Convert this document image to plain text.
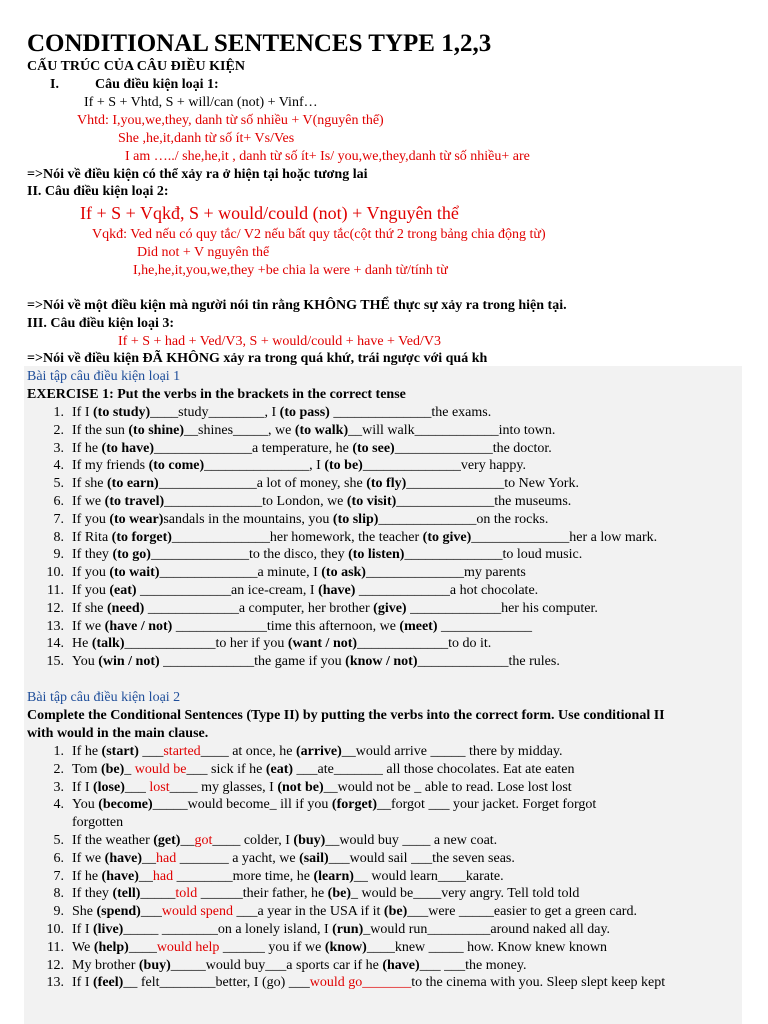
CONDITIONAL SENTENCES TYPE 1,2,3
CẤU TRÚC CỦA CÂU ĐIỀU KIỆN
I.	Câu điều kiện loại 1:
If + S + Vhtd, S + will/can (not) + Vinf…
Vhtd: I,you,we,they, danh từ số nhiều + V(nguyên thể)
She ,he,it,danh từ số ít+ Vs/Ves
I am …../ she,he,it , danh từ số ít+ Is/ you,we,they,danh từ số nhiều+ are
=>Nói về điều kiện có thể xảy ra ở hiện tại hoặc tương lai
II. Câu điều kiện loại 2:
If + S + Vqkđ, S + would/could (not) + Vnguyên thể
Vqkđ: Ved nếu có quy tắc/ V2 nếu bất quy tắc(cột thứ 2 trong bảng chia động từ)
Did not + V nguyên thể
I,he,he,it,you,we,they +be chia la were + danh từ/tính từ
=>Nói về một điều kiện mà người nói tin rằng KHÔNG THỂ thực sự xảy ra trong hiện tại.
III. Câu điều kiện loại 3:
If + S + had + Ved/V3, S + would/could + have + Ved/V3
=>Nói về điều kiện ĐÃ KHÔNG xảy ra trong quá khứ, trái ngược với quá kh
Bài tập câu điều kiện loại 1
EXERCISE 1: Put the verbs in the brackets in the correct tense
1. If I (to study)____study________, I (to pass) ______________the exams.
2. If the sun (to shine)__shines_____, we (to walk)__will walk____________into town.
3. If he (to have)______________a temperature, he (to see)______________the doctor.
4. If my friends (to come)_______________, I (to be)______________very happy.
5. If she (to earn)______________a lot of money, she (to fly)______________to New York.
6. If we (to travel)______________to London, we (to visit)______________the museums.
7. If you (to wear)sandals in the mountains, you (to slip)______________on the rocks.
8. If Rita (to forget)______________her homework, the teacher (to give)______________her a low mark.
9. If they (to go)______________to the disco, they (to listen)______________to loud music.
10. If you (to wait)______________a minute, I (to ask)______________my parents
11. If you (eat) _____________an ice-cream, I (have) _____________a hot chocolate.
12. If she (need) _____________a computer, her brother (give) _____________her his computer.
13. If we (have / not) _____________time this afternoon, we (meet) _____________
14. He (talk)_____________to her if you (want / not)_____________to do it.
15. You (win / not) _____________the game if you (know / not)_____________the rules.
Bài tập câu điều kiện loại 2
Complete the Conditional Sentences (Type II) by putting the verbs into the correct form. Use conditional II
with would in the main clause.
1. If he (start) ___started____ at once, he (arrive)__would arrive _____ there by midday.
2. Tom (be)_ would be___ sick if he (eat) ___ate_______ all those chocolates. Eat ate eaten
3. If I (lose)___ lost____ my glasses, I (not be)__would not be _ able to read. Lose lost lost
4. You (become)_____would become_ ill if you (forget)__forgot ___ your jacket. Forget forgot
forgotten
5. If the weather (get)__got____ colder, I (buy)__would buy ____ a new coat.
6. If we (have)__had _______ a yacht, we (sail)___would sail ___the seven seas.
7. If he (have)__had ________more time, he (learn)__ would learn____karate.
8. If they (tell)_____told ______their father, he (be)_ would be____very angry. Tell told told
9. She (spend)___would spend ___a year in the USA if it (be)___were _____easier to get a green card.
10. If I (live)_____ ________on a lonely island, I (run)_would run_________around naked all day.
11. We (help)____would help ______ you if we (know)____knew _____ how. Know knew known
12. My brother (buy)_____would buy___a sports car if he (have)___ ___the money.
13. If I (feel)__ felt________better, I (go) ___would go_______to the cinema with you. Sleep slept keep kept
